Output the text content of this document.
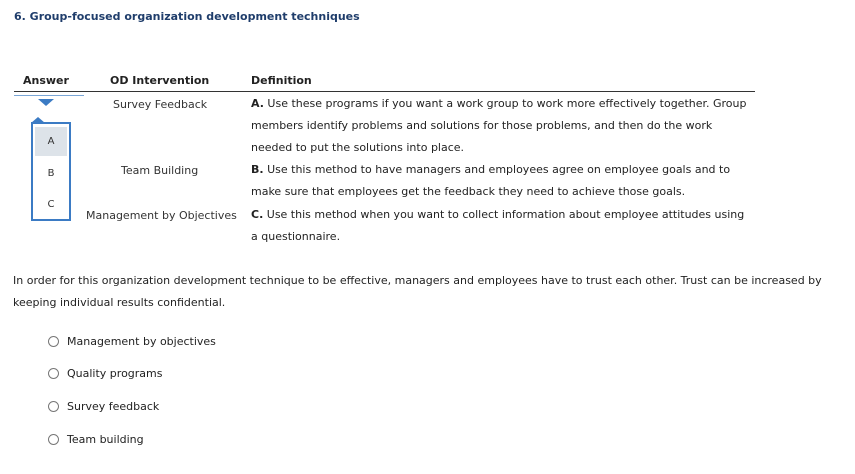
6. Group-focused organization development techniques
Answer	OD Intervention	Definition
A
B
C
Survey Feedback
Team Building
Management by Objectives
A. Use these programs if you want a work group to work more effectively together. Group members identify problems and solutions for those problems, and then do the work needed to put the solutions into place.
B. Use this method to have managers and employees agree on employee goals and to make sure that employees get the feedback they need to achieve those goals.
C. Use this method when you want to collect information about employee attitudes using a questionnaire.
In order for this organization development technique to be effective, managers and employees have to trust each other. Trust can be increased by keeping individual results confidential.
Management by objectives
Quality programs
Survey feedback
Team building
